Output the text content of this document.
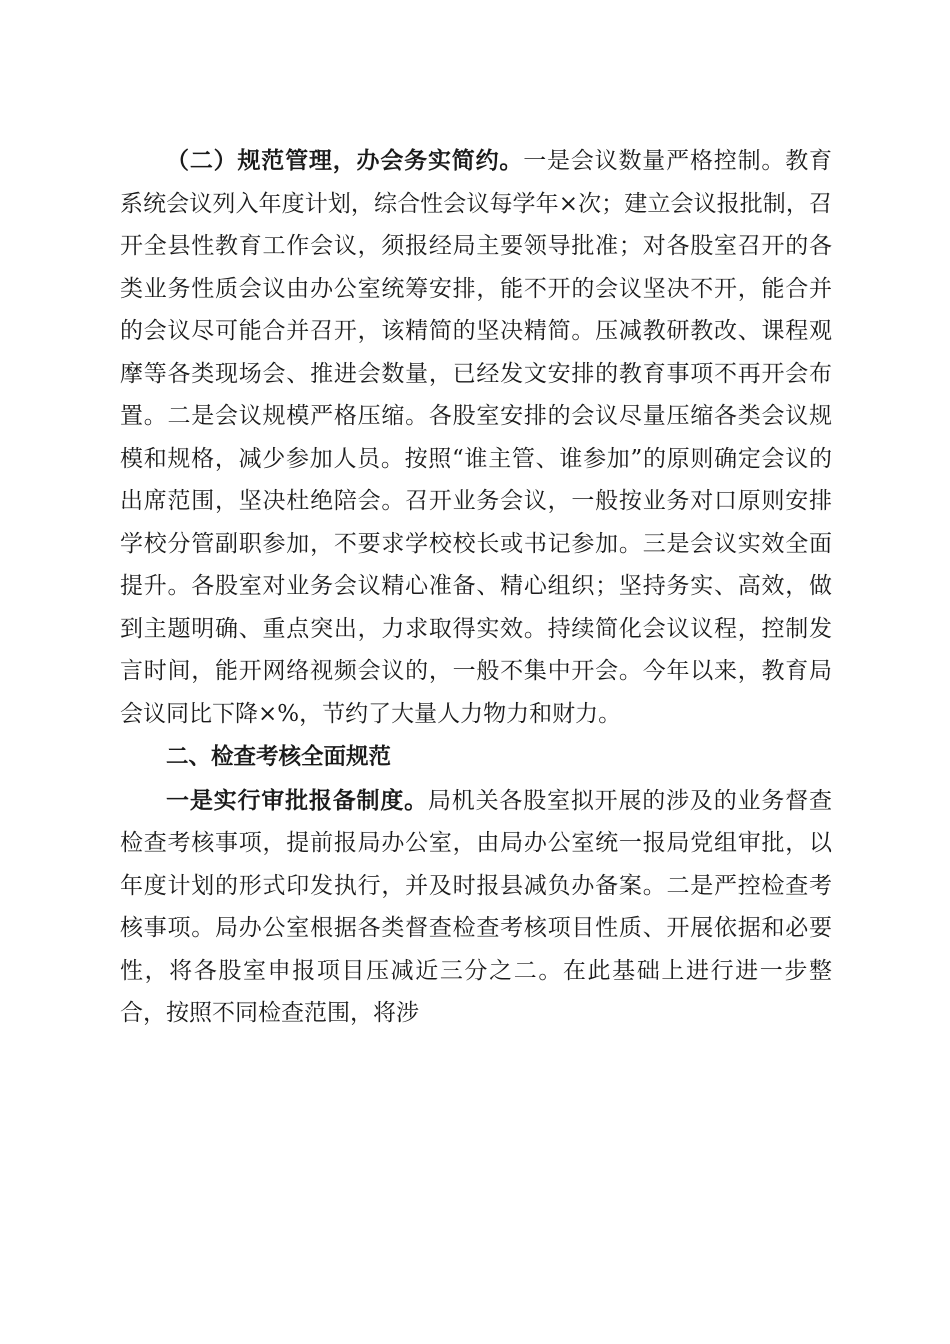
（二）规范管理，办会务实简约。一是会议数量严格控制。教育系统会议列入年度计划，综合性会议每学年×次；建立会议报批制，召开全县性教育工作会议，须报经局主要领导批准；对各股室召开的各类业务性质会议由办公室统筹安排，能不开的会议坚决不开，能合并的会议尽可能合并召开，该精简的坚决精简。压减教研教改、课程观摩等各类现场会、推进会数量，已经发文安排的教育事项不再开会布置。二是会议规模严格压缩。各股室安排的会议尽量压缩各类会议规模和规格，减少参加人员。按照“谁主管、谁参加”的原则确定会议的出席范围，坚决杜绝陪会。召开业务会议，一般按业务对口原则安排学校分管副职参加，不要求学校校长或书记参加。三是会议实效全面提升。各股室对业务会议精心准备、精心组织；坚持务实、高效，做到主题明确、重点突出，力求取得实效。持续简化会议议程，控制发言时间，能开网络视频会议的，一般不集中开会。今年以来，教育局会议同比下降×%，节约了大量人力物力和财力。

二、检查考核全面规范

一是实行审批报备制度。局机关各股室拟开展的涉及的业务督查检查考核事项，提前报局办公室，由局办公室统一报局党组审批，以年度计划的形式印发执行，并及时报县减负办备案。二是严控检查考核事项。局办公室根据各类督查检查考核项目性质、开展依据和必要性，将各股室申报项目压减近三分之二。在此基础上进行进一步整合，按照不同检查范围，将涉
